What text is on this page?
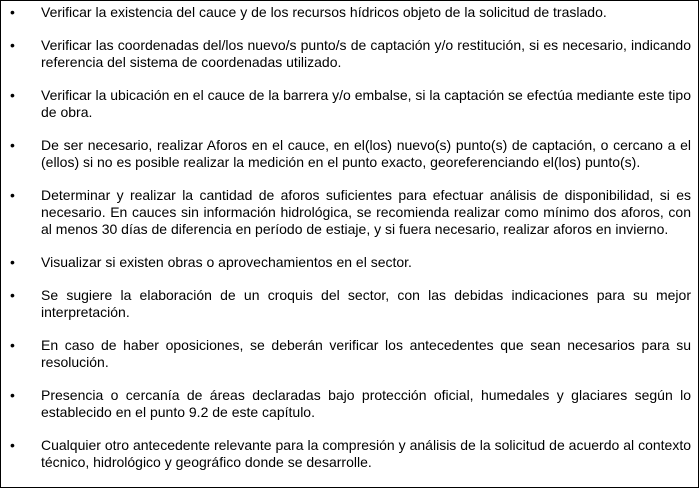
• Verificar la existencia del cauce y de los recursos hídricos objeto de la solicitud de traslado.
• Verificar las coordenadas del/los nuevo/s punto/s de captación y/o restitución, si es necesario, indicando referencia del sistema de coordenadas utilizado.
• Verificar la ubicación en el cauce de la barrera y/o embalse, si la captación se efectúa mediante este tipo de obra.
• De ser necesario, realizar Aforos en el cauce, en el(los) nuevo(s) punto(s) de captación, o cercano a el (ellos) si no es posible realizar la medición en el punto exacto, georeferenciando el(los) punto(s).
• Determinar y realizar la cantidad de aforos suficientes para efectuar análisis de disponibilidad, si es necesario. En cauces sin información hidrológica, se recomienda realizar como mínimo dos aforos, con al menos 30 días de diferencia en período de estiaje, y si fuera necesario, realizar aforos en invierno.
• Visualizar si existen obras o aprovechamientos en el sector.
• Se sugiere la elaboración de un croquis del sector, con las debidas indicaciones para su mejor interpretación.
• En caso de haber oposiciones, se deberán verificar los antecedentes que sean necesarios para su resolución.
• Presencia o cercanía de áreas declaradas bajo protección oficial, humedales y glaciares según lo establecido en el punto 9.2 de este capítulo.
• Cualquier otro antecedente relevante para la compresión y análisis de la solicitud de acuerdo al contexto técnico, hidrológico y geográfico donde se desarrolle.
